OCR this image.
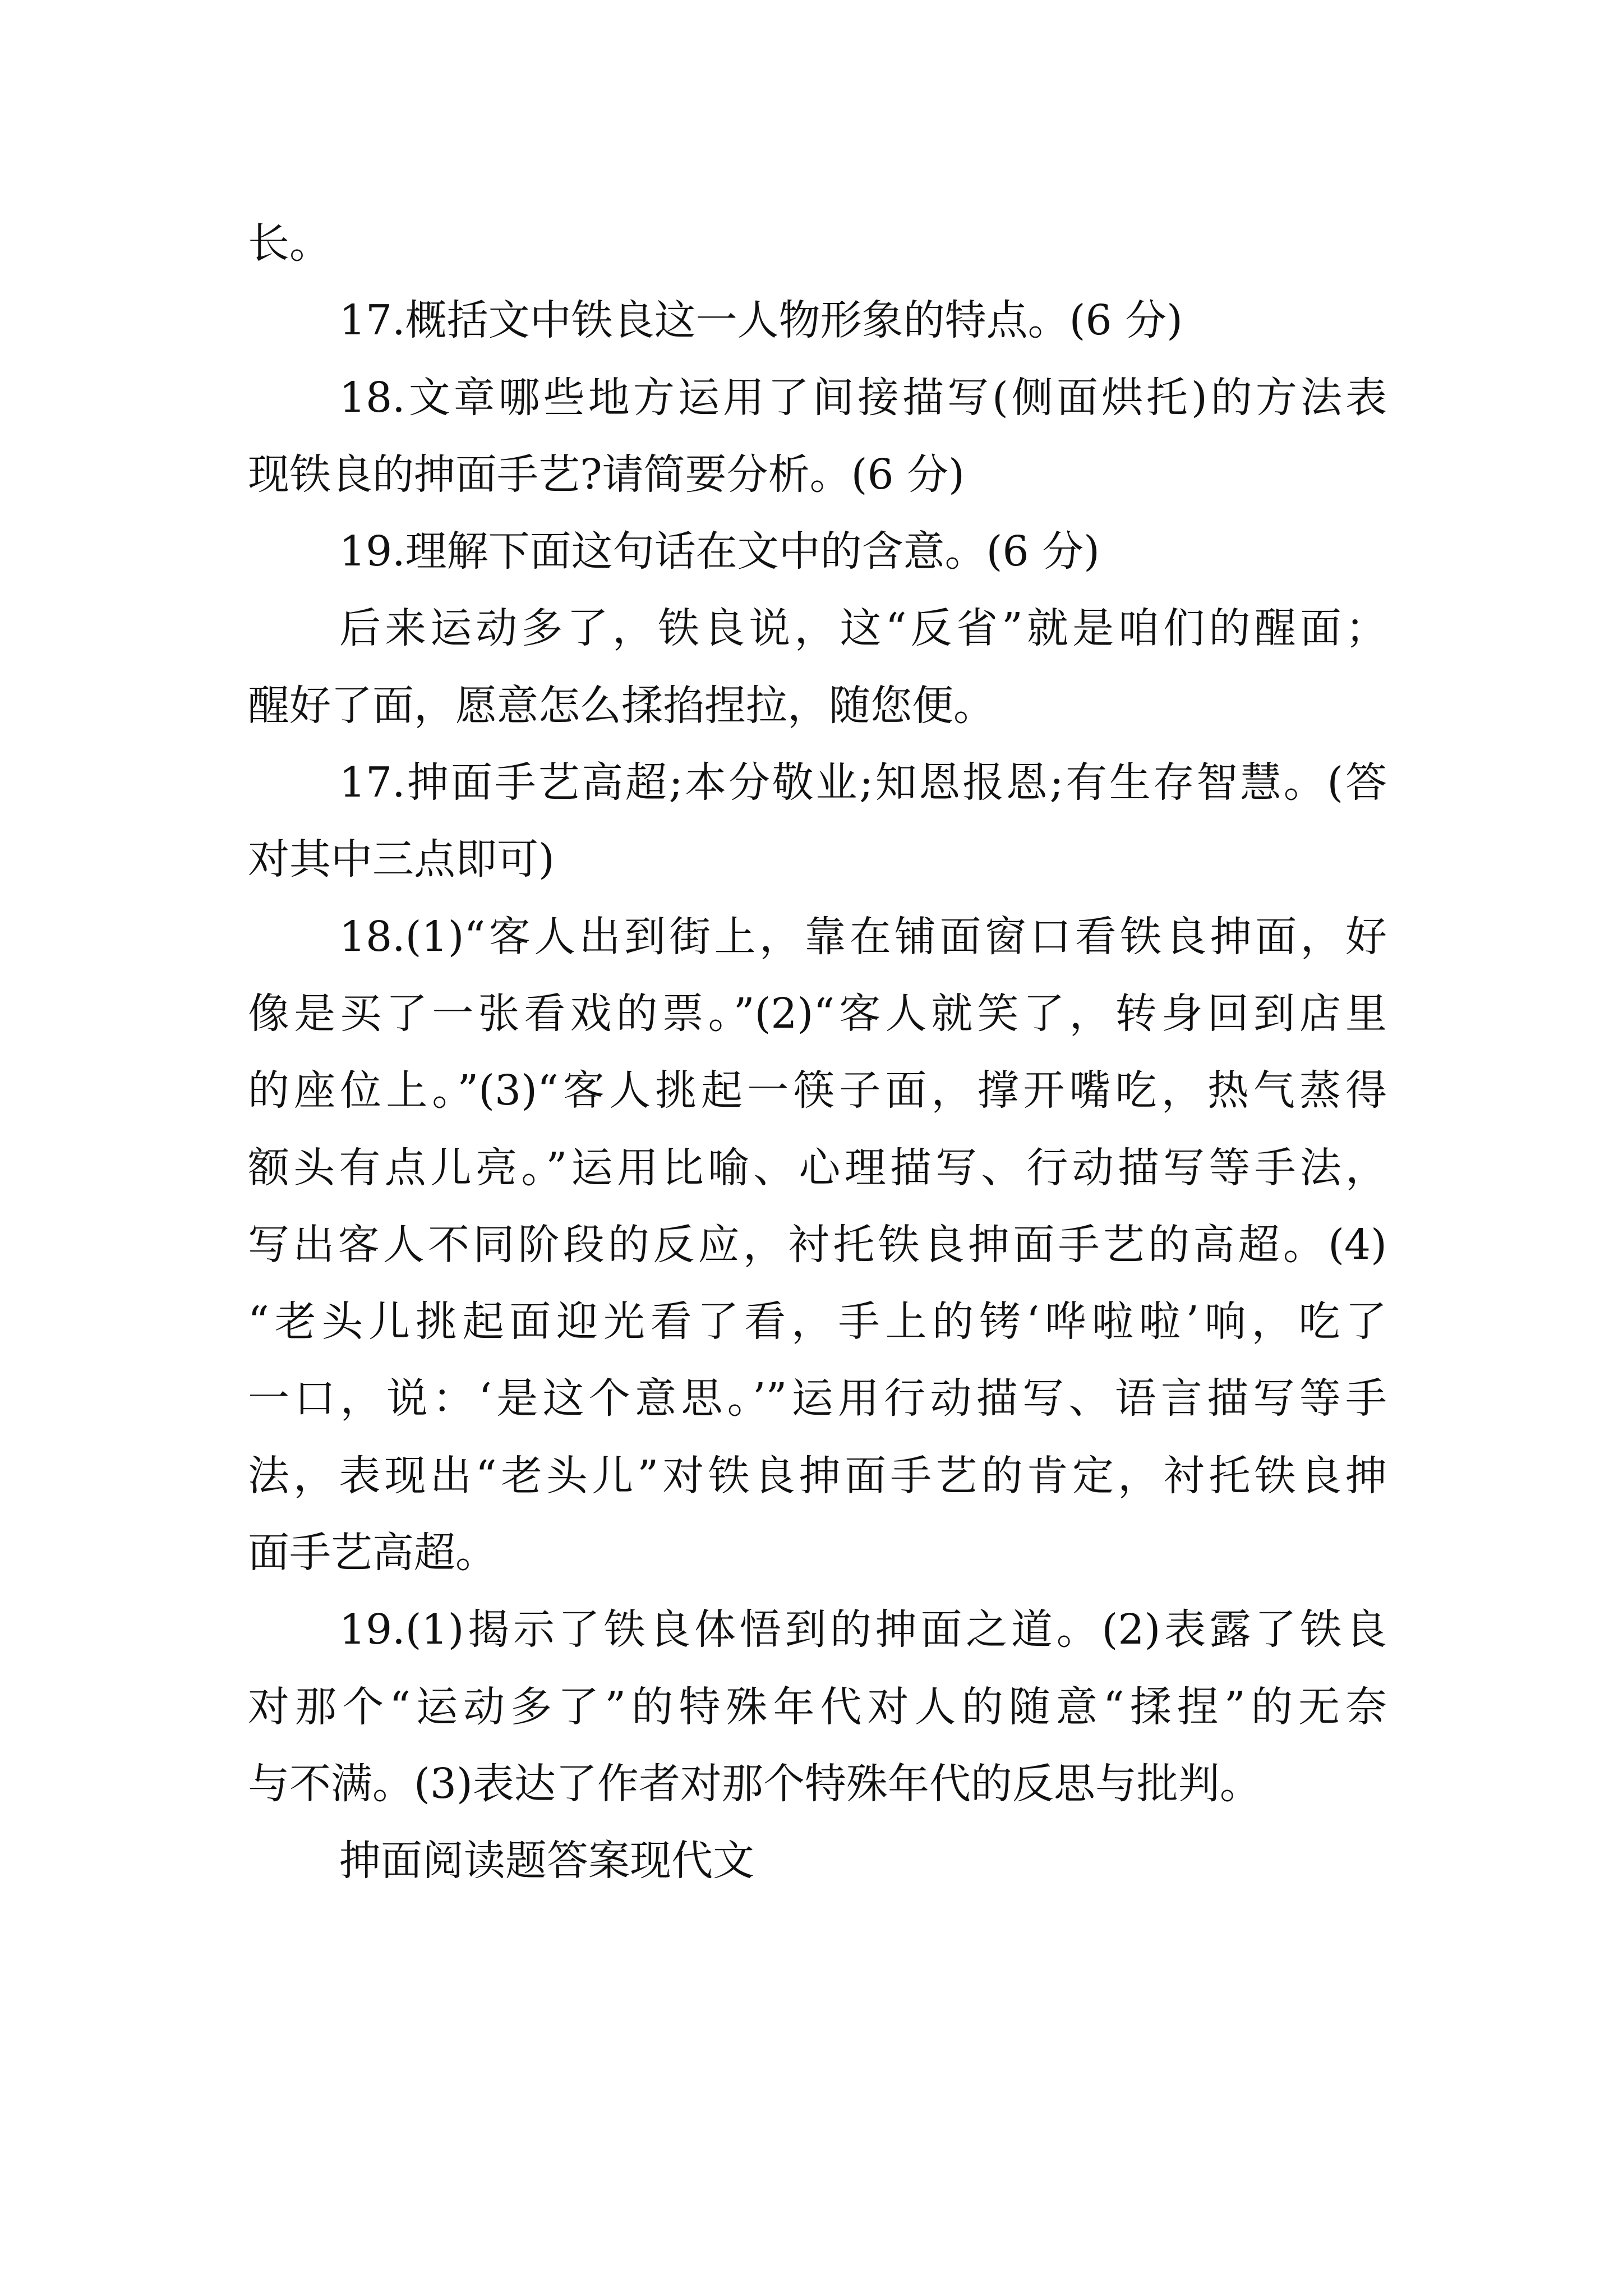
长。
17.概括文中铁良这一人物形象的特点。(6 分)
18.文章哪些地方运用了间接描写(侧面烘托)的方法表
现铁良的抻面手艺?请简要分析。(6 分)
19.理解下面这句话在文中的含意。(6 分)
后来运动多了，铁良说，这“反省”就是咱们的醒面；
醒好了面，愿意怎么揉掐捏拉，随您便。
17.抻面手艺高超;本分敬业;知恩报恩;有生存智慧。(答
对其中三点即可)
18.(1)“客人出到街上，靠在铺面窗口看铁良抻面，好
像是买了一张看戏的票。”(2)“客人就笑了，转身回到店里
的座位上。”(3)“客人挑起一筷子面，撑开嘴吃，热气蒸得
额头有点儿亮。”运用比喻、心理描写、行动描写等手法，
写出客人不同阶段的反应，衬托铁良抻面手艺的高超。(4)
“老头儿挑起面迎光看了看，手上的铐‘哗啦啦’响，吃了
一口，说：‘是这个意思。’”运用行动描写、语言描写等手
法，表现出“老头儿”对铁良抻面手艺的肯定，衬托铁良抻
面手艺高超。
19.(1)揭示了铁良体悟到的抻面之道。(2)表露了铁良
对那个“运动多了”的特殊年代对人的随意“揉捏”的无奈
与不满。(3)表达了作者对那个特殊年代的反思与批判。
抻面阅读题答案现代文
